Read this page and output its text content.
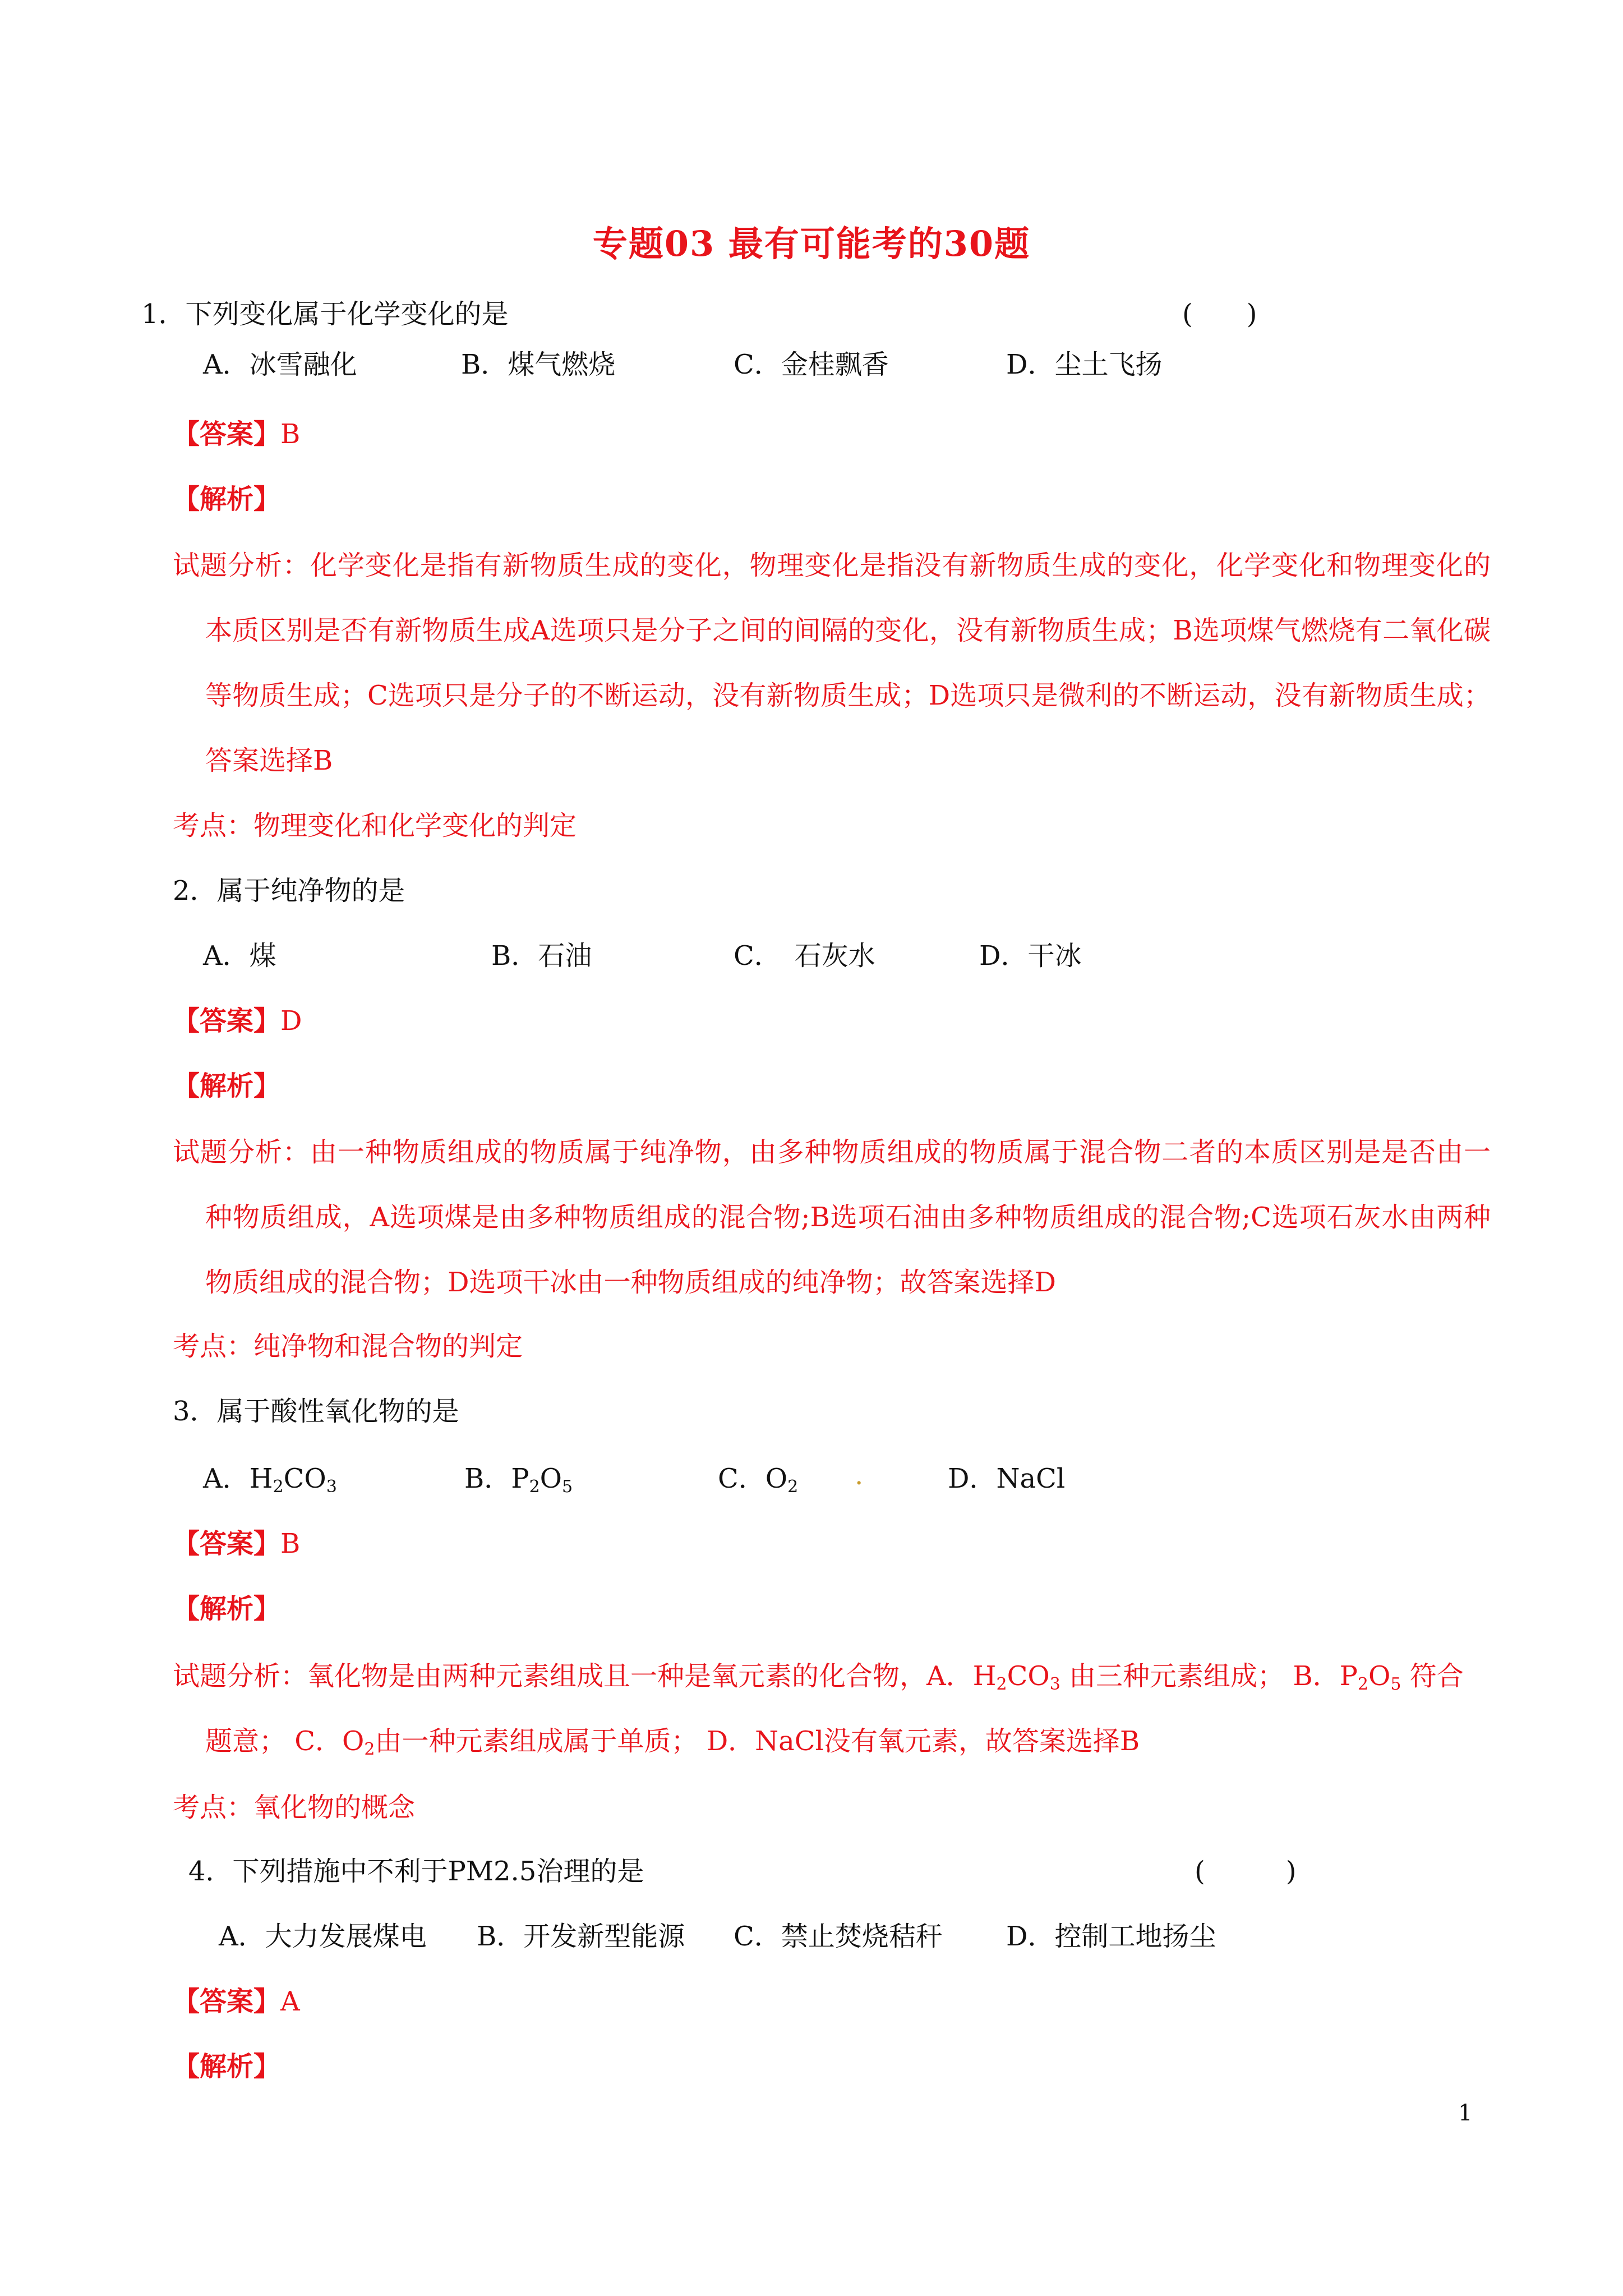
专题03 最有可能考的30题
1．下列变化属于化学变化的是	(　　)
A．冰雪融化	B．煤气燃烧	C．金桂飘香	D．尘土飞扬
【答案】B
【解析】
试题分析：化学变化是指有新物质生成的变化，物理变化是指没有新物质生成的变化，化学变化和物理变化的本质区别是否有新物质生成A选项只是分子之间的间隔的变化，没有新物质生成；B选项煤气燃烧有二氧化碳等物质生成；C选项只是分子的不断运动，没有新物质生成；D选项只是微利的不断运动，没有新物质生成；答案选择B
考点：物理变化和化学变化的判定
2．属于纯净物的是
A．煤	B．石油	C．　石灰水	D．干冰
【答案】D
【解析】
试题分析：由一种物质组成的物质属于纯净物，由多种物质组成的物质属于混合物二者的本质区别是是否由一种物质组成，A选项煤是由多种物质组成的混合物;B选项石油由多种物质组成的混合物;C选项石灰水由两种物质组成的混合物；D选项干冰由一种物质组成的纯净物；故答案选择D
考点：纯净物和混合物的判定
3．属于酸性氧化物的是
A．$H_2CO_3$	B．$P_2O_5$	C．$O_2$ .	D．NaCl
【答案】B
【解析】
试题分析：氧化物是由两种元素组成且一种是氧元素的化合物，A．$H_2CO_3$ 由三种元素组成； B．$P_2O_5$ 符合
题意； C．$O_2$由一种元素组成属于单质； D．NaCl没有氧元素，故答案选择B
考点：氧化物的概念
4．下列措施中不利于PM2.5治理的是	(　　　)
A．大力发展煤电 B．开发新型能源 C．禁止焚烧秸秆 D．控制工地扬尘
【答案】A
【解析】
1
